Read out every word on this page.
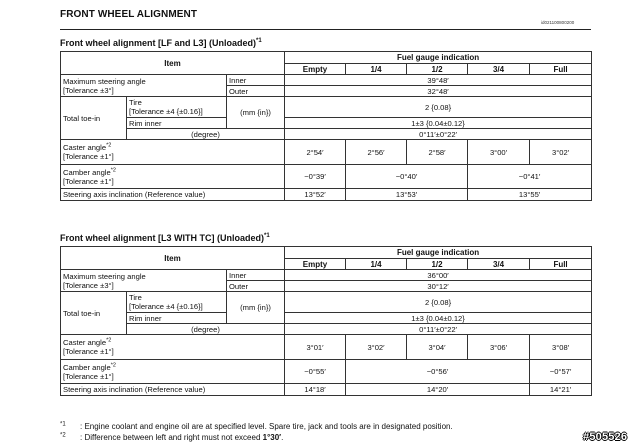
FRONT WHEEL ALIGNMENT
id021100800200
Front wheel alignment [LF and L3] (Unloaded)$^{*1}$
Item			Fuel gauge indication				
			Empty	1/4	1/2	3/4	Full
Maximum steering angle
[Tolerance ±3°]		Inner	39°48′				
		Outer	32°48′				
Total toe-in	Tire
[Tolerance ±4 {±0.16}]	(mm {in})	2 {0.08}				
	Rim inner		1±3 {0.04±0.12}				
	(degree)		0°11′±0°22′				
Caster angle$^{*2}$
[Tolerance ±1°]			2°54′	2°56′	2°58′	3°00′	3°02′
Camber angle$^{*2}$
[Tolerance ±1°]			−0°39′	−0°40′		−0°41′	
Steering axis inclination (Reference value)			13°52′	13°53′		13°55′	
Front wheel alignment [L3 WITH TC] (Unloaded)$^{*1}$
Item			Fuel gauge indication				
			Empty	1/4	1/2	3/4	Full
Maximum steering angle
[Tolerance ±3°]		Inner	36°00′				
		Outer	30°12′				
Total toe-in	Tire
[Tolerance ±4 {±0.16}]	(mm {in})	2 {0.08}				
	Rim inner		1±3 {0.04±0.12}				
	(degree)		0°11′±0°22′				
Caster angle$^{*2}$
[Tolerance ±1°]			3°01′	3°02′	3°04′	3°06′	3°08′
Camber angle$^{*2}$
[Tolerance ±1°]			−0°55′	−0°56′			−0°57′
Steering axis inclination (Reference value)			14°18′	14°20′			14°21′
$^{*1}$ : Engine coolant and engine oil are at specified level. Spare tire, jack and tools are in designated position.
$^{*2}$ : Difference between left and right must not exceed 1°30′.	#505526
